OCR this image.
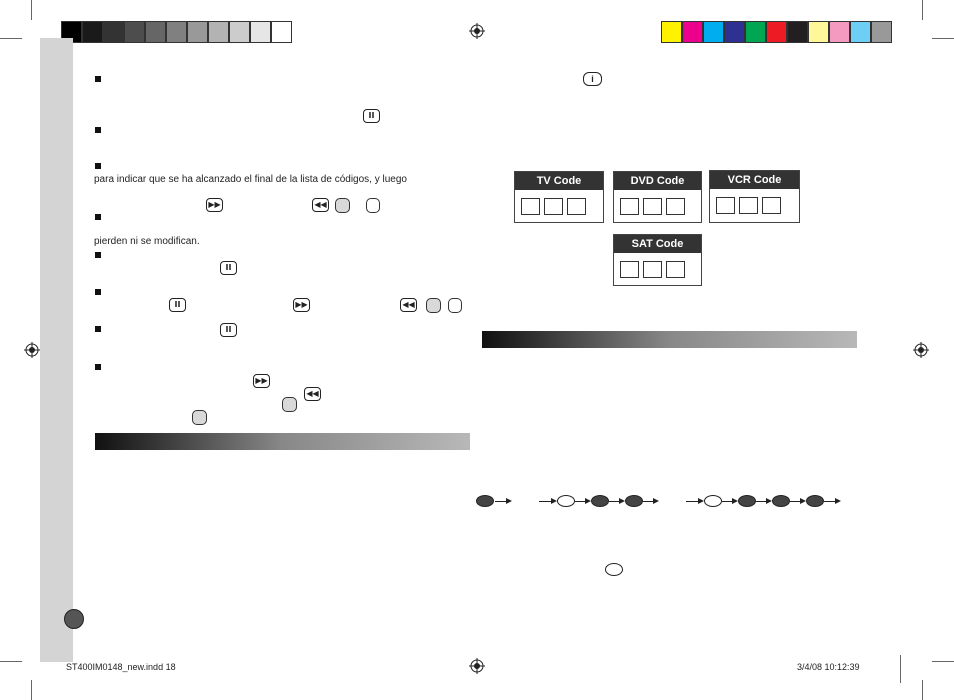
II
para indicar que se ha alcanzado el final de la lista de códigos, y luego
▶▶	◀◀
pierden ni se modifican.
II
II	▶▶	◀◀
II
▶▶
◀◀
i
TV Code	DVD Code	VCR Code
SAT Code
ST400IM0148_new.indd 18	3/4/08 10:12:39
